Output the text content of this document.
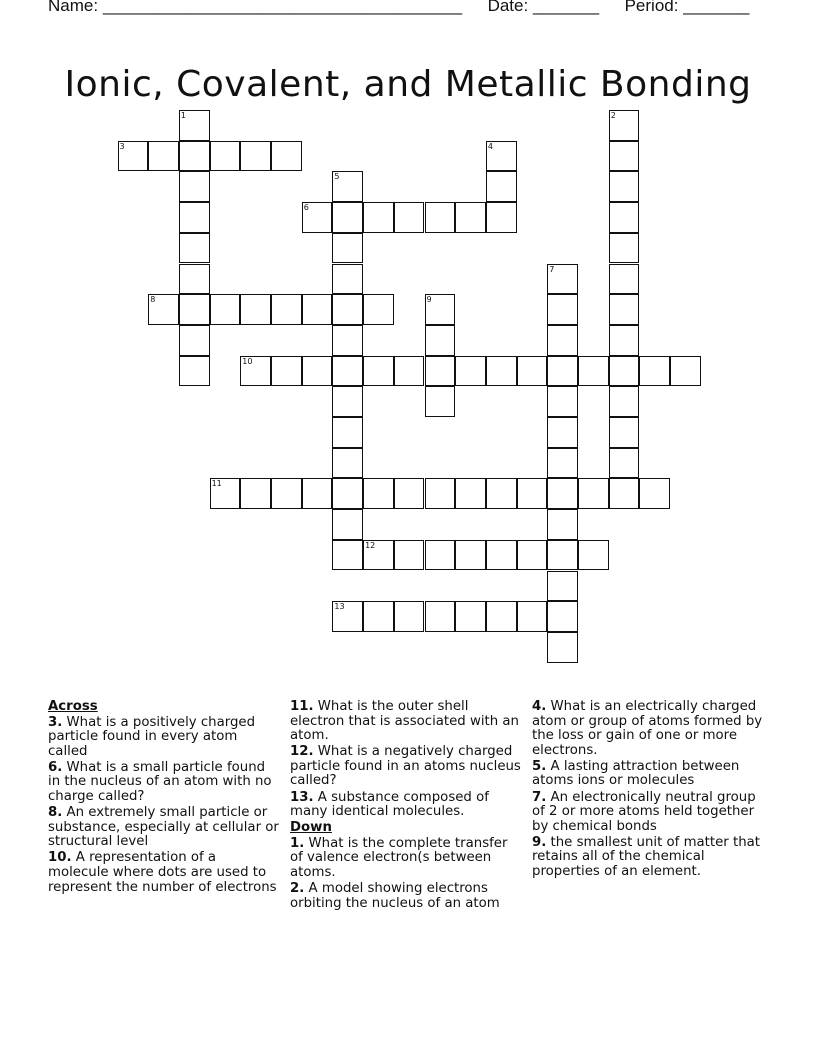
Name: ______________________________________ Date: _______ Period: _______
Ionic, Covalent, and Metallic Bonding
1	2
3	4
5
6
7
8	9
10
11
12
13
Across
3. What is a positively charged particle found in every atom called
6. What is a small particle found in the nucleus of an atom with no charge called?
8. An extremely small particle or substance, especially at cellular or structural level
10. A representation of a molecule where dots are used to represent the number of electrons
11. What is the outer shell electron that is associated with an atom.
12. What is a negatively charged particle found in an atoms nucleus called?
13. A substance composed of many identical molecules.
Down
1. What is the complete transfer of valence electron(s between atoms.
2. A model showing electrons orbiting the nucleus of an atom
4. What is an electrically charged atom or group of atoms formed by the loss or gain of one or more electrons.
5. A lasting attraction between atoms ions or molecules
7. An electronically neutral group of 2 or more atoms held together by chemical bonds
9. the smallest unit of matter that retains all of the chemical properties of an element.
